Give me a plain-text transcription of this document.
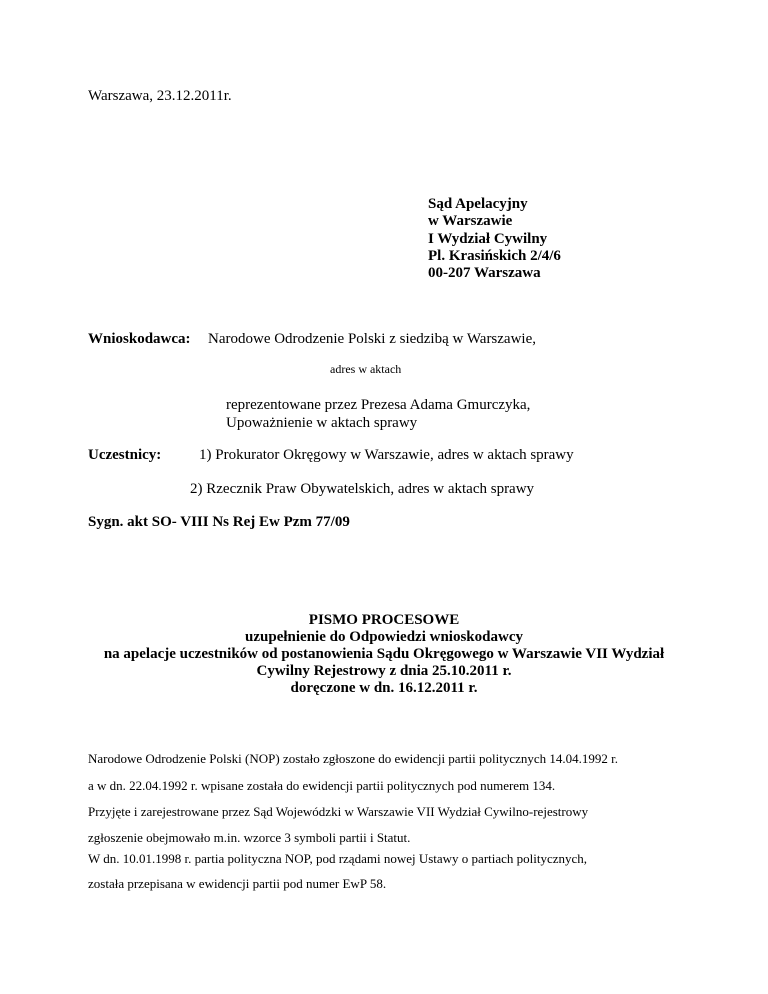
Warszawa, 23.12.2011r.
Sąd Apelacyjny
w Warszawie
I Wydział Cywilny
Pl. Krasińskich 2/4/6
00-207 Warszawa
Wnioskodawca: Narodowe Odrodzenie Polski z siedzibą w Warszawie,
adres w aktach
reprezentowane przez Prezesa Adama Gmurczyka,
Upoważnienie w aktach sprawy
Uczestnicy:	1) Prokurator Okręgowy w Warszawie, adres w aktach sprawy
2) Rzecznik Praw Obywatelskich, adres w aktach sprawy
Sygn. akt SO- VIII Ns Rej Ew Pzm 77/09
PISMO PROCESOWE
uzupełnienie do Odpowiedzi wnioskodawcy
na apelacje uczestników od postanowienia Sądu Okręgowego w Warszawie VII Wydział
Cywilny Rejestrowy z dnia 25.10.2011 r.
doręczone w dn. 16.12.2011 r.
Narodowe Odrodzenie Polski (NOP) zostało zgłoszone do ewidencji partii politycznych 14.04.1992 r.
a w dn. 22.04.1992 r. wpisane została do ewidencji partii politycznych pod numerem 134.
Przyjęte i zarejestrowane przez Sąd Wojewódzki w Warszawie VII Wydział Cywilno-rejestrowy
zgłoszenie obejmowało m.in. wzorce 3 symboli partii i Statut.
W dn. 10.01.1998 r. partia polityczna NOP, pod rządami nowej Ustawy o partiach politycznych,
została przepisana w ewidencji partii pod numer EwP 58.
